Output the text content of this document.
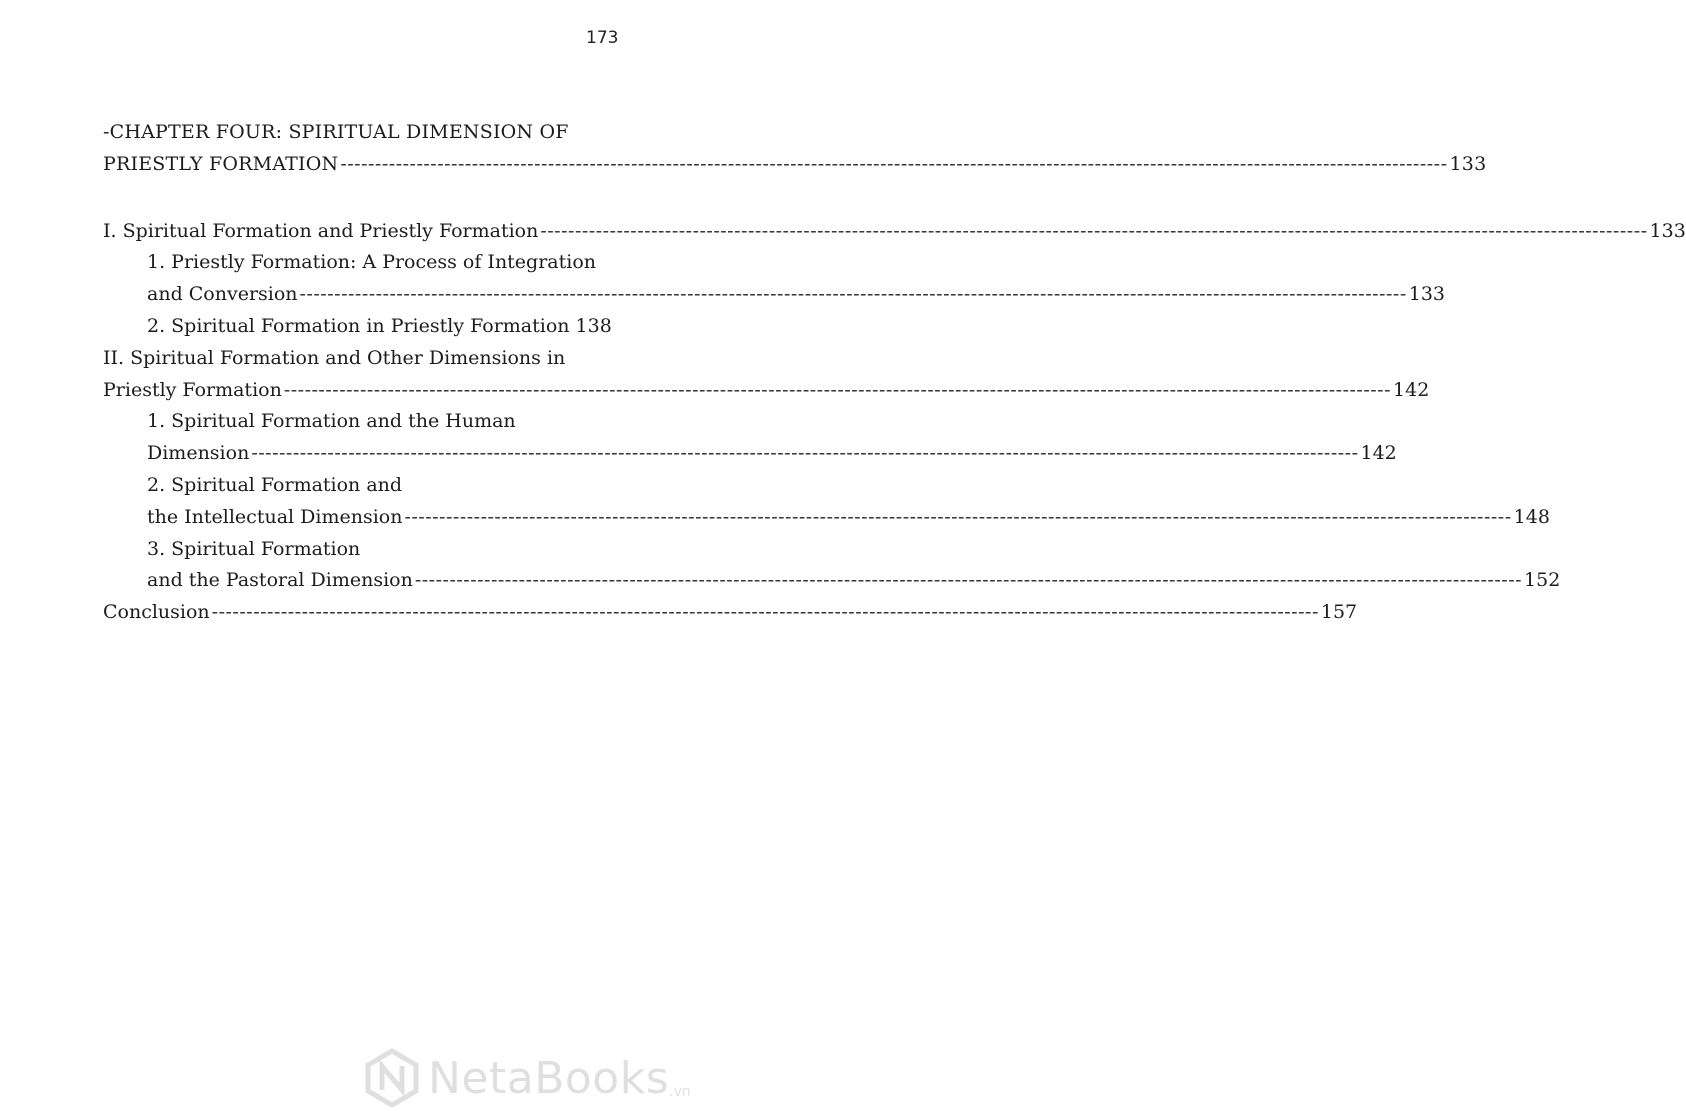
173
-CHAPTER FOUR: SPIRITUAL DIMENSION OF
PRIESTLY FORMATION ---------------------------------------------------------------------------------------------------------------------------------------------------------------- 133
I. Spiritual Formation and Priestly Formation ---------------------------------------------------------------------------------------------------------------------------------------------------------------- 133
1. Priestly Formation: A Process of Integration
and Conversion ---------------------------------------------------------------------------------------------------------------------------------------------------------------- 133
2. Spiritual Formation in Priestly Formation 138
II. Spiritual Formation and Other Dimensions in
Priestly Formation ---------------------------------------------------------------------------------------------------------------------------------------------------------------- 142
1. Spiritual Formation and the Human
Dimension ---------------------------------------------------------------------------------------------------------------------------------------------------------------- 142
2. Spiritual Formation and
the Intellectual Dimension ---------------------------------------------------------------------------------------------------------------------------------------------------------------- 148
3. Spiritual Formation
and the Pastoral Dimension ---------------------------------------------------------------------------------------------------------------------------------------------------------------- 152
Conclusion ---------------------------------------------------------------------------------------------------------------------------------------------------------------- 157
NetaBooks .vn
